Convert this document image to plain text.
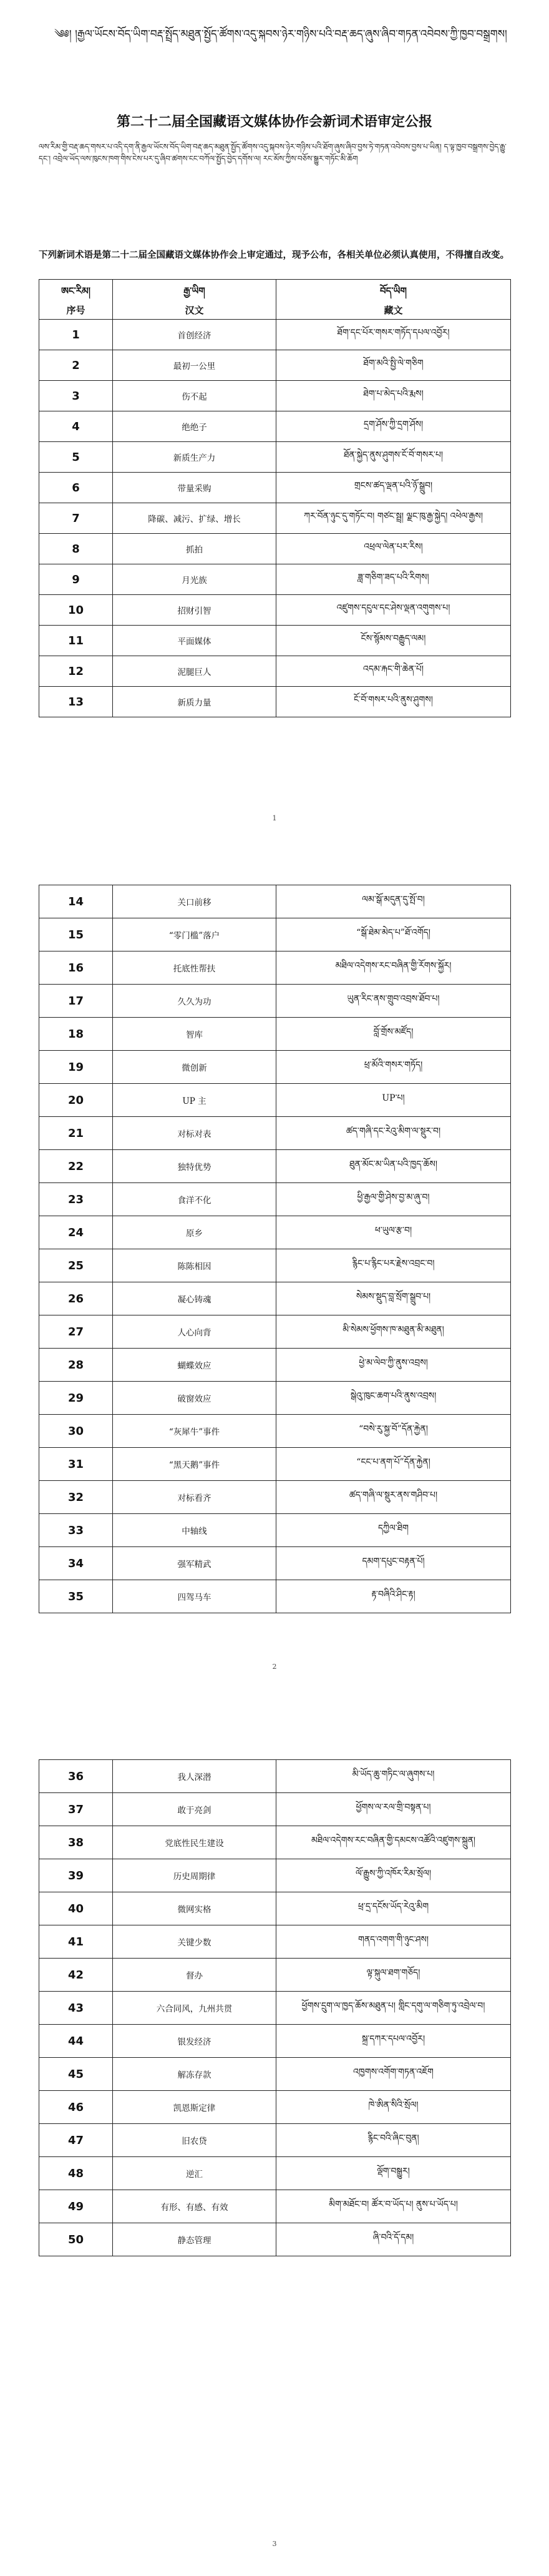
༄༅། །རྒྱལ་ཡོངས་བོད་ཡིག་བརྡ་སྤྲོད་མཐུན་སྤྱོད་ཚོགས་འདུ་སྐབས་ཉེར་གཉིས་པའི་བརྡ་ཆད་ཞུས་ཞིབ་གཏན་འབེབས་ཀྱི་ཁྱབ་བསྒྲགས།
第二十二届全国藏语文媒体协作会新词术语审定公报
ལས་རིམ་གྱི་བརྡ་ཆད་གསར་པ་འདི་དག་ནི་རྒྱལ་ཡོངས་བོད་ཡིག་བརྡ་ཆད་མཐུན་སྤྱོད་ཚོགས་འདུ་སྐབས་ཉེར་གཉིས་པའི་ཐོག་ཞུས་ཞིབ་བྱས་ཏེ་གཏན་འབེབས་བྱས་པ་ཡིན། ད་ལྟ་ཁྱབ་བསྒྲགས་བྱེད་རྒྱུ་དང་། འབྲེལ་ཡོད་ལས་ཁུངས་ཁག་གིས་ངེས་པར་དུ་ཞིབ་ཚགས་ངང་བཀོལ་སྤྱོད་བྱེད་དགོས་ལ། རང་མོས་ཀྱིས་བཅོས་སྒྱུར་གཏོང་མི་ཆོག
下列新词术语是第二十二届全国藏语文媒体协作会上审定通过，现予公布，各相关单位必须认真使用，不得擅自改变。
ཨང་རིམ།	རྒྱ་ཡིག	བོད་ཡིག
序号	汉文	藏文
1	首创经济	ཐོག་དང་པོར་གསར་གཏོད་དཔལ་འབྱོར།
2	最初一公里	ཐོག་མའི་སྤྱི་ལེ་གཅིག
3	伤不起	ཐེག་པ་མེད་པའི་རྨས།
4	绝绝子	དྲག་ཤོས་ཀྱི་དྲག་ཤོས།
5	新质生产力	ཐོན་སྐྱེད་ནུས་ཤུགས་ངོ་བོ་གསར་པ།
6	带量采购	གྲངས་ཚད་ལྡན་པའི་ཉོ་སྒྲུབ།
7	降碳、减污、扩绿、增长	ཀར་བོན་ཉུང་དུ་གཏོང་བ། གཙང་སྦྲ། ལྗང་ཁུ་རྒྱ་སྐྱེད། འཕེལ་རྒྱས།
8	抓拍	འཕྲལ་ལེན་པར་རིས།
9	月光族	ཟླ་གཅིག་ཟད་པའི་རིགས།
10	招财引智	འཛུགས་དངུལ་དང་ཤེས་ལྡན་འགུགས་པ།
11	平面媒体	ངོས་སྙོམས་བརྒྱུད་ལམ།
12	泥腿巨人	འདམ་རྐང་གི་ཆེན་པོ།
13	新质力量	ངོ་བོ་གསར་པའི་ནུས་ཤུགས།
1
14	关口前移	ལམ་སྒོ་མདུན་དུ་སྤོ་བ།
15	“零门槛”落户	“སྒོ་ཐེམ་མེད་པ”ཐོ་འགོད།
16	托底性帮扶	མཐིལ་འདེགས་རང་བཞིན་གྱི་རོགས་སྐྱོར།
17	久久为功	ཡུན་རིང་ནས་གྲུབ་འབྲས་ཐོབ་པ།
18	智库	བློ་གྲོས་མཛོད།
19	微创新	ཕྲ་མོའི་གསར་གཏོད།
20	UP 主	UP་པ།
21	对标对表	ཚད་གཞི་དང་རེའུ་མིག་ལ་སྡུར་བ།
22	独特优势	ཐུན་མོང་མ་ཡིན་པའི་ཁྱད་ཆོས།
23	食洋不化	ཕྱི་རྒྱལ་གྱི་ཤེས་བྱ་མ་ཞུ་བ།
24	原乡	ཕ་ཡུལ་རྩ་བ།
25	陈陈相因	རྙིང་པ་རྙིང་པར་རྗེས་འབྲང་བ།
26	凝心铸魂	སེམས་སྡུད་བླ་སྲོག་སྒྲུབ་པ།
27	人心向背	མི་སེམས་ཕྱོགས་ཁ་མཐུན་མི་མཐུན།
28	蝴蝶效应	ཕྱེ་མ་ལེབ་ཀྱི་ནུས་འབྲས།
29	破窗效应	སྒེའུ་ཁུང་ཆག་པའི་ནུས་འབྲས།
30	“灰犀牛”事件	“བསེ་རུ་སྐྱ་བོ”དོན་རྐྱེན།
31	“黑天鹅”事件	“ངང་པ་ནག་པོ”དོན་རྐྱེན།
32	对标看齐	ཚད་གཞི་ལ་སྡུར་ནས་གཤིབ་པ།
33	中轴线	དཀྱིལ་ཐིག
34	强军精武	དམག་དཔུང་བརྟན་པོ།
35	四驾马车	རྟ་བཞིའི་ཤིང་རྟ།
2
36	我人深潜	མི་ཡོད་ཆུ་གཏིང་ལ་ཞུགས་པ།
37	敢于亮剑	ཕྱོགས་ལ་རལ་གྲི་བསྟན་པ།
38	党底性民生建设	མཐིལ་འདེགས་རང་བཞིན་གྱི་དམངས་འཚོའི་འཛུགས་སྐྲུན།
39	历史周期律	ལོ་རྒྱུས་ཀྱི་འཁོར་རིམ་སྲོལ།
40	微网实格	ཕྲ་དྲ་དངོས་ཡོད་རེའུ་མིག
41	关键少数	གནད་འགག་གི་ཉུང་ཤས།
42	督办	ལྟ་སྐུལ་ཐག་གཅོད།
43	六合同风，九州共贯	ཕྱོགས་དྲུག་ལ་ཁྱད་ཆོས་མཐུན་པ། གླིང་དགུ་ལ་གཅིག་ཏུ་འབྲེལ་བ།
44	银发经济	སྐྲ་དཀར་དཔལ་འབྱོར།
45	解冻存款	འཁྱགས་འགོག་གཏན་འཇོག
46	凯恩斯定律	ཁེ་ཨིན་སིའི་སྲོལ།
47	旧农贷	རྙིང་བའི་ཞིང་བུན།
48	逆汇	ལྡོག་བསྒྱུར།
49	有形、有感、有效	མིག་མཐོང་བ། ཚོར་བ་ཡོད་པ། ནུས་པ་ཡོད་པ།
50	静态管理	ཞི་བའི་དོ་དམ།
3
